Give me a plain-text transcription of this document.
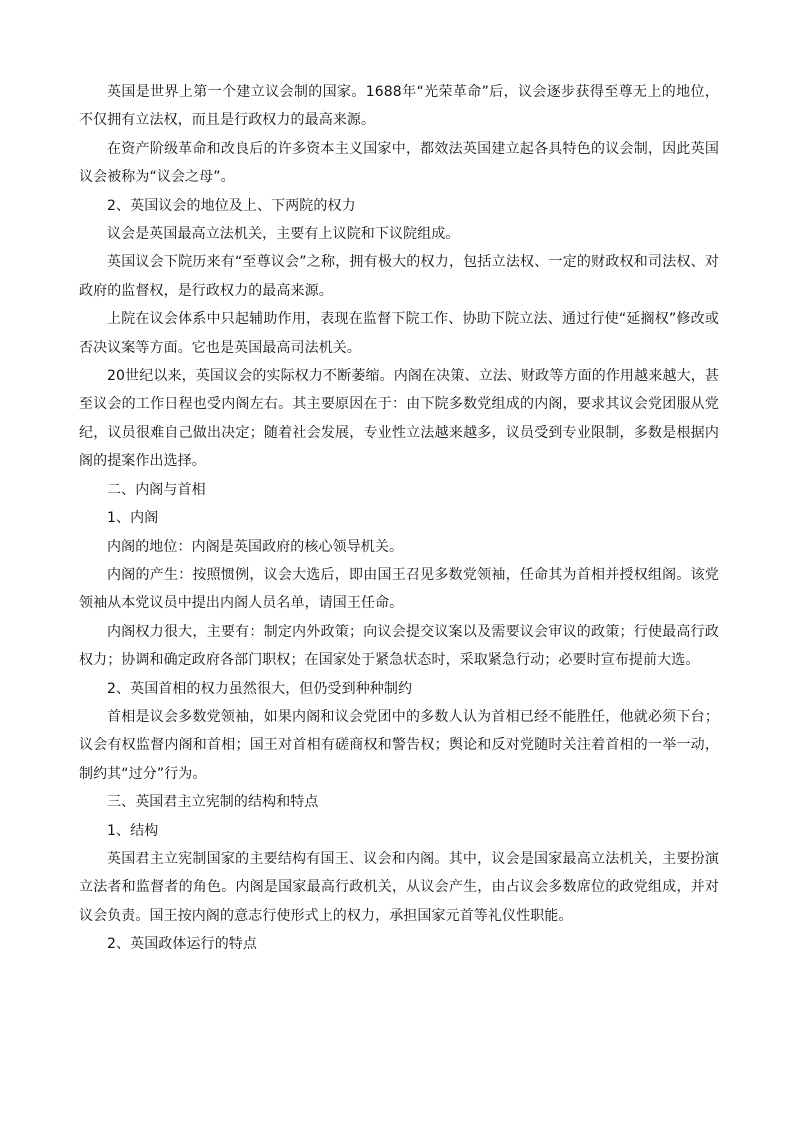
英国是世界上第一个建立议会制的国家。1688年“光荣革命”后，议会逐步获得至尊无上的地位，不仅拥有立法权，而且是行政权力的最高来源。

在资产阶级革命和改良后的许多资本主义国家中，都效法英国建立起各具特色的议会制，因此英国议会被称为“议会之母”。

2、英国议会的地位及上、下两院的权力

议会是英国最高立法机关，主要有上议院和下议院组成。

英国议会下院历来有“至尊议会”之称，拥有极大的权力，包括立法权、一定的财政权和司法权、对政府的监督权，是行政权力的最高来源。

上院在议会体系中只起辅助作用，表现在监督下院工作、协助下院立法、通过行使“延搁权”修改或否决议案等方面。它也是英国最高司法机关。

20世纪以来，英国议会的实际权力不断萎缩。内阁在决策、立法、财政等方面的作用越来越大，甚至议会的工作日程也受内阁左右。其主要原因在于：由下院多数党组成的内阁，要求其议会党团服从党纪，议员很难自己做出决定；随着社会发展，专业性立法越来越多，议员受到专业限制，多数是根据内阁的提案作出选择。

二、内阁与首相

1、内阁

内阁的地位：内阁是英国政府的核心领导机关。

内阁的产生：按照惯例，议会大选后，即由国王召见多数党领袖，任命其为首相并授权组阁。该党领袖从本党议员中提出内阁人员名单，请国王任命。

内阁权力很大，主要有：制定内外政策；向议会提交议案以及需要议会审议的政策；行使最高行政权力；协调和确定政府各部门职权；在国家处于紧急状态时，采取紧急行动；必要时宣布提前大选。

2、英国首相的权力虽然很大，但仍受到种种制约

首相是议会多数党领袖，如果内阁和议会党团中的多数人认为首相已经不能胜任，他就必须下台；议会有权监督内阁和首相；国王对首相有磋商权和警告权；舆论和反对党随时关注着首相的一举一动，制约其“过分”行为。

三、英国君主立宪制的结构和特点

1、结构

英国君主立宪制国家的主要结构有国王、议会和内阁。其中，议会是国家最高立法机关，主要扮演立法者和监督者的角色。内阁是国家最高行政机关，从议会产生，由占议会多数席位的政党组成，并对议会负责。国王按内阁的意志行使形式上的权力，承担国家元首等礼仪性职能。

2、英国政体运行的特点
